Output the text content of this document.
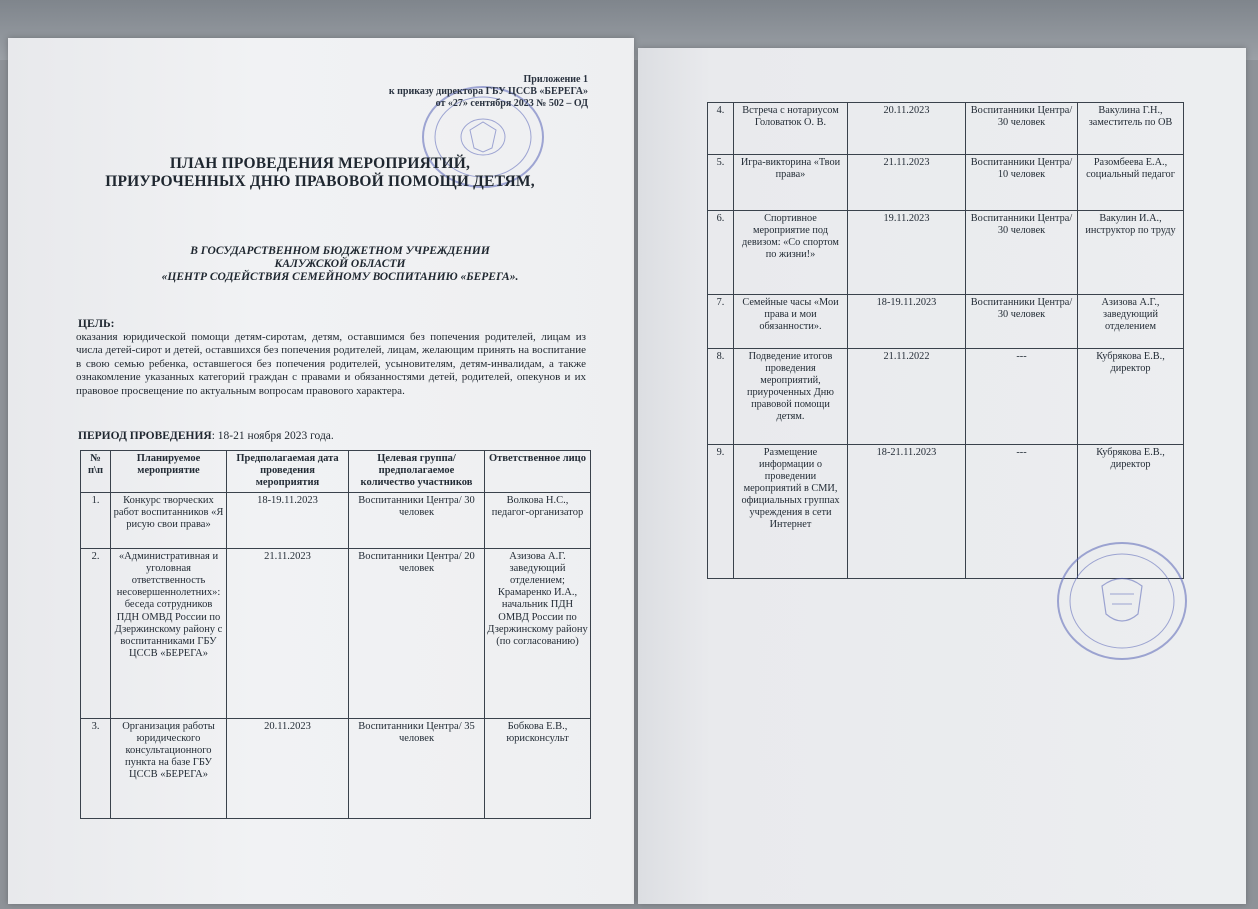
Приложение 1
к приказу директора ГБУ ЦССВ «БЕРЕГА»
от «27» сентября 2023 № 502 – ОД
ПЛАН ПРОВЕДЕНИЯ МЕРОПРИЯТИЙ,
ПРИУРОЧЕННЫХ ДНЮ ПРАВОВОЙ ПОМОЩИ ДЕТЯМ,
В ГОСУДАРСТВЕННОМ БЮДЖЕТНОМ УЧРЕЖДЕНИИ
КАЛУЖСКОЙ ОБЛАСТИ
«ЦЕНТР СОДЕЙСТВИЯ СЕМЕЙНОМУ ВОСПИТАНИЮ «БЕРЕГА».
ЦЕЛЬ:
оказания юридической помощи детям-сиротам, детям, оставшимся без попечения родителей, лицам из числа детей-сирот и детей, оставшихся без попечения родителей, лицам, желающим принять на воспитание в свою семью ребенка, оставшегося без попечения родителей, усыновителям, детям-инвалидам, а также ознакомление указанных категорий граждан с правами и обязанностями детей, родителей, опекунов и их правовое просвещение по актуальным вопросам правового характера.
ПЕРИОД ПРОВЕДЕНИЯ: 18-21 ноября 2023 года.
№ п\п	Планируемое мероприятие	Предполагаемая дата проведения мероприятия	Целевая группа/предполагаемое количество участников	Ответственное лицо
1.	Конкурс творческих работ воспитанников «Я рисую свои права»	18-19.11.2023	Воспитанники Центра/ 30 человек	Волкова Н.С., педагог-организатор
2.	«Административная и уголовная ответственность несовершеннолетних»: беседа сотрудников ПДН ОМВД России по Дзержинскому району с воспитанниками ГБУ ЦССВ «БЕРЕГА»	21.11.2023	Воспитанники Центра/ 20 человек	Азизова А.Г. заведующий отделением; Крамаренко И.А., начальник ПДН ОМВД России по Дзержинскому району (по согласованию)
3.	Организация работы юридического консультационного пункта на базе ГБУ ЦССВ «БЕРЕГА»	20.11.2023	Воспитанники Центра/ 35 человек	Бобкова Е.В., юрисконсульт
4.	Встреча с нотариусом Головатюк О. В.	20.11.2023	Воспитанники Центра/ 30 человек	Вакулина Г.Н., заместитель по ОВ
5.	Игра-викторина «Твои права»	21.11.2023	Воспитанники Центра/ 10 человек	Разомбеева Е.А., социальный педагог
6.	Спортивное мероприятие под девизом: «Со спортом по жизни!»	19.11.2023	Воспитанники Центра/ 30 человек	Вакулин И.А., инструктор по труду
7.	Семейные часы «Мои права и мои обязанности».	18-19.11.2023	Воспитанники Центра/ 30 человек	Азизова А.Г., заведующий отделением
8.	Подведение итогов проведения мероприятий, приуроченных Дню правовой помощи детям.	21.11.2022	---	Кубрякова Е.В., директор
9.	Размещение информации о проведении мероприятий в СМИ, официальных группах учреждения в сети Интернет	18-21.11.2023	---	Кубрякова Е.В., директор
